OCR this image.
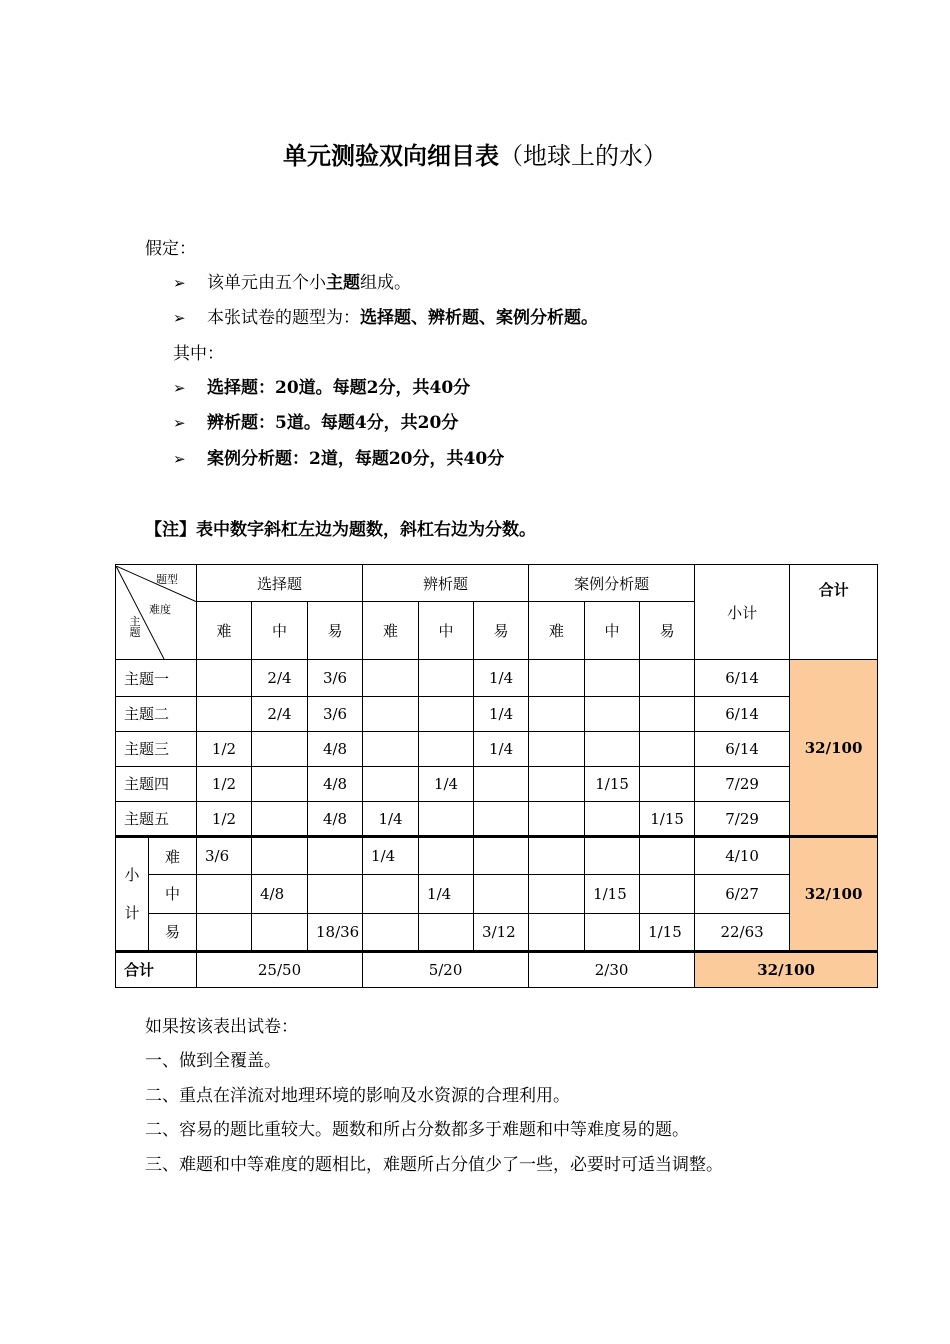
单元测验双向细目表（地球上的水）
假定：
➢ 该单元由五个小主题组成。
➢ 本张试卷的题型为：选择题、辨析题、案例分析题。
其中：
➢ 选择题：20道。每题2分，共40分
➢ 辨析题：5道。每题4分，共20分
➢ 案例分析题：2道，每题20分，共40分
【注】表中数字斜杠左边为题数，斜杠右边为分数。
题型
难度
主题		选择题			辨析题			案例分析题			小计	合计
		难	中	易	难	中	易	难	中	易		
主题一			2/4	3/6			1/4				6/14	32/100
主题二			2/4	3/6			1/4				6/14	
主题三		1/2		4/8			1/4				6/14	
主题四		1/2		4/8		1/4			1/15		7/29	
主题五		1/2		4/8	1/4					1/15	7/29	
小
计	难	3/6			1/4						4/10	32/100
	中		4/8			1/4			1/15		6/27	
	易			18/36			3/12			1/15	22/63	
合计		25/50			5/20			2/30			32/100	
如果按该表出试卷：
一、做到全覆盖。
二、重点在洋流对地理环境的影响及水资源的合理利用。
二、容易的题比重较大。题数和所占分数都多于难题和中等难度易的题。
三、难题和中等难度的题相比，难题所占分值少了一些，必要时可适当调整。
